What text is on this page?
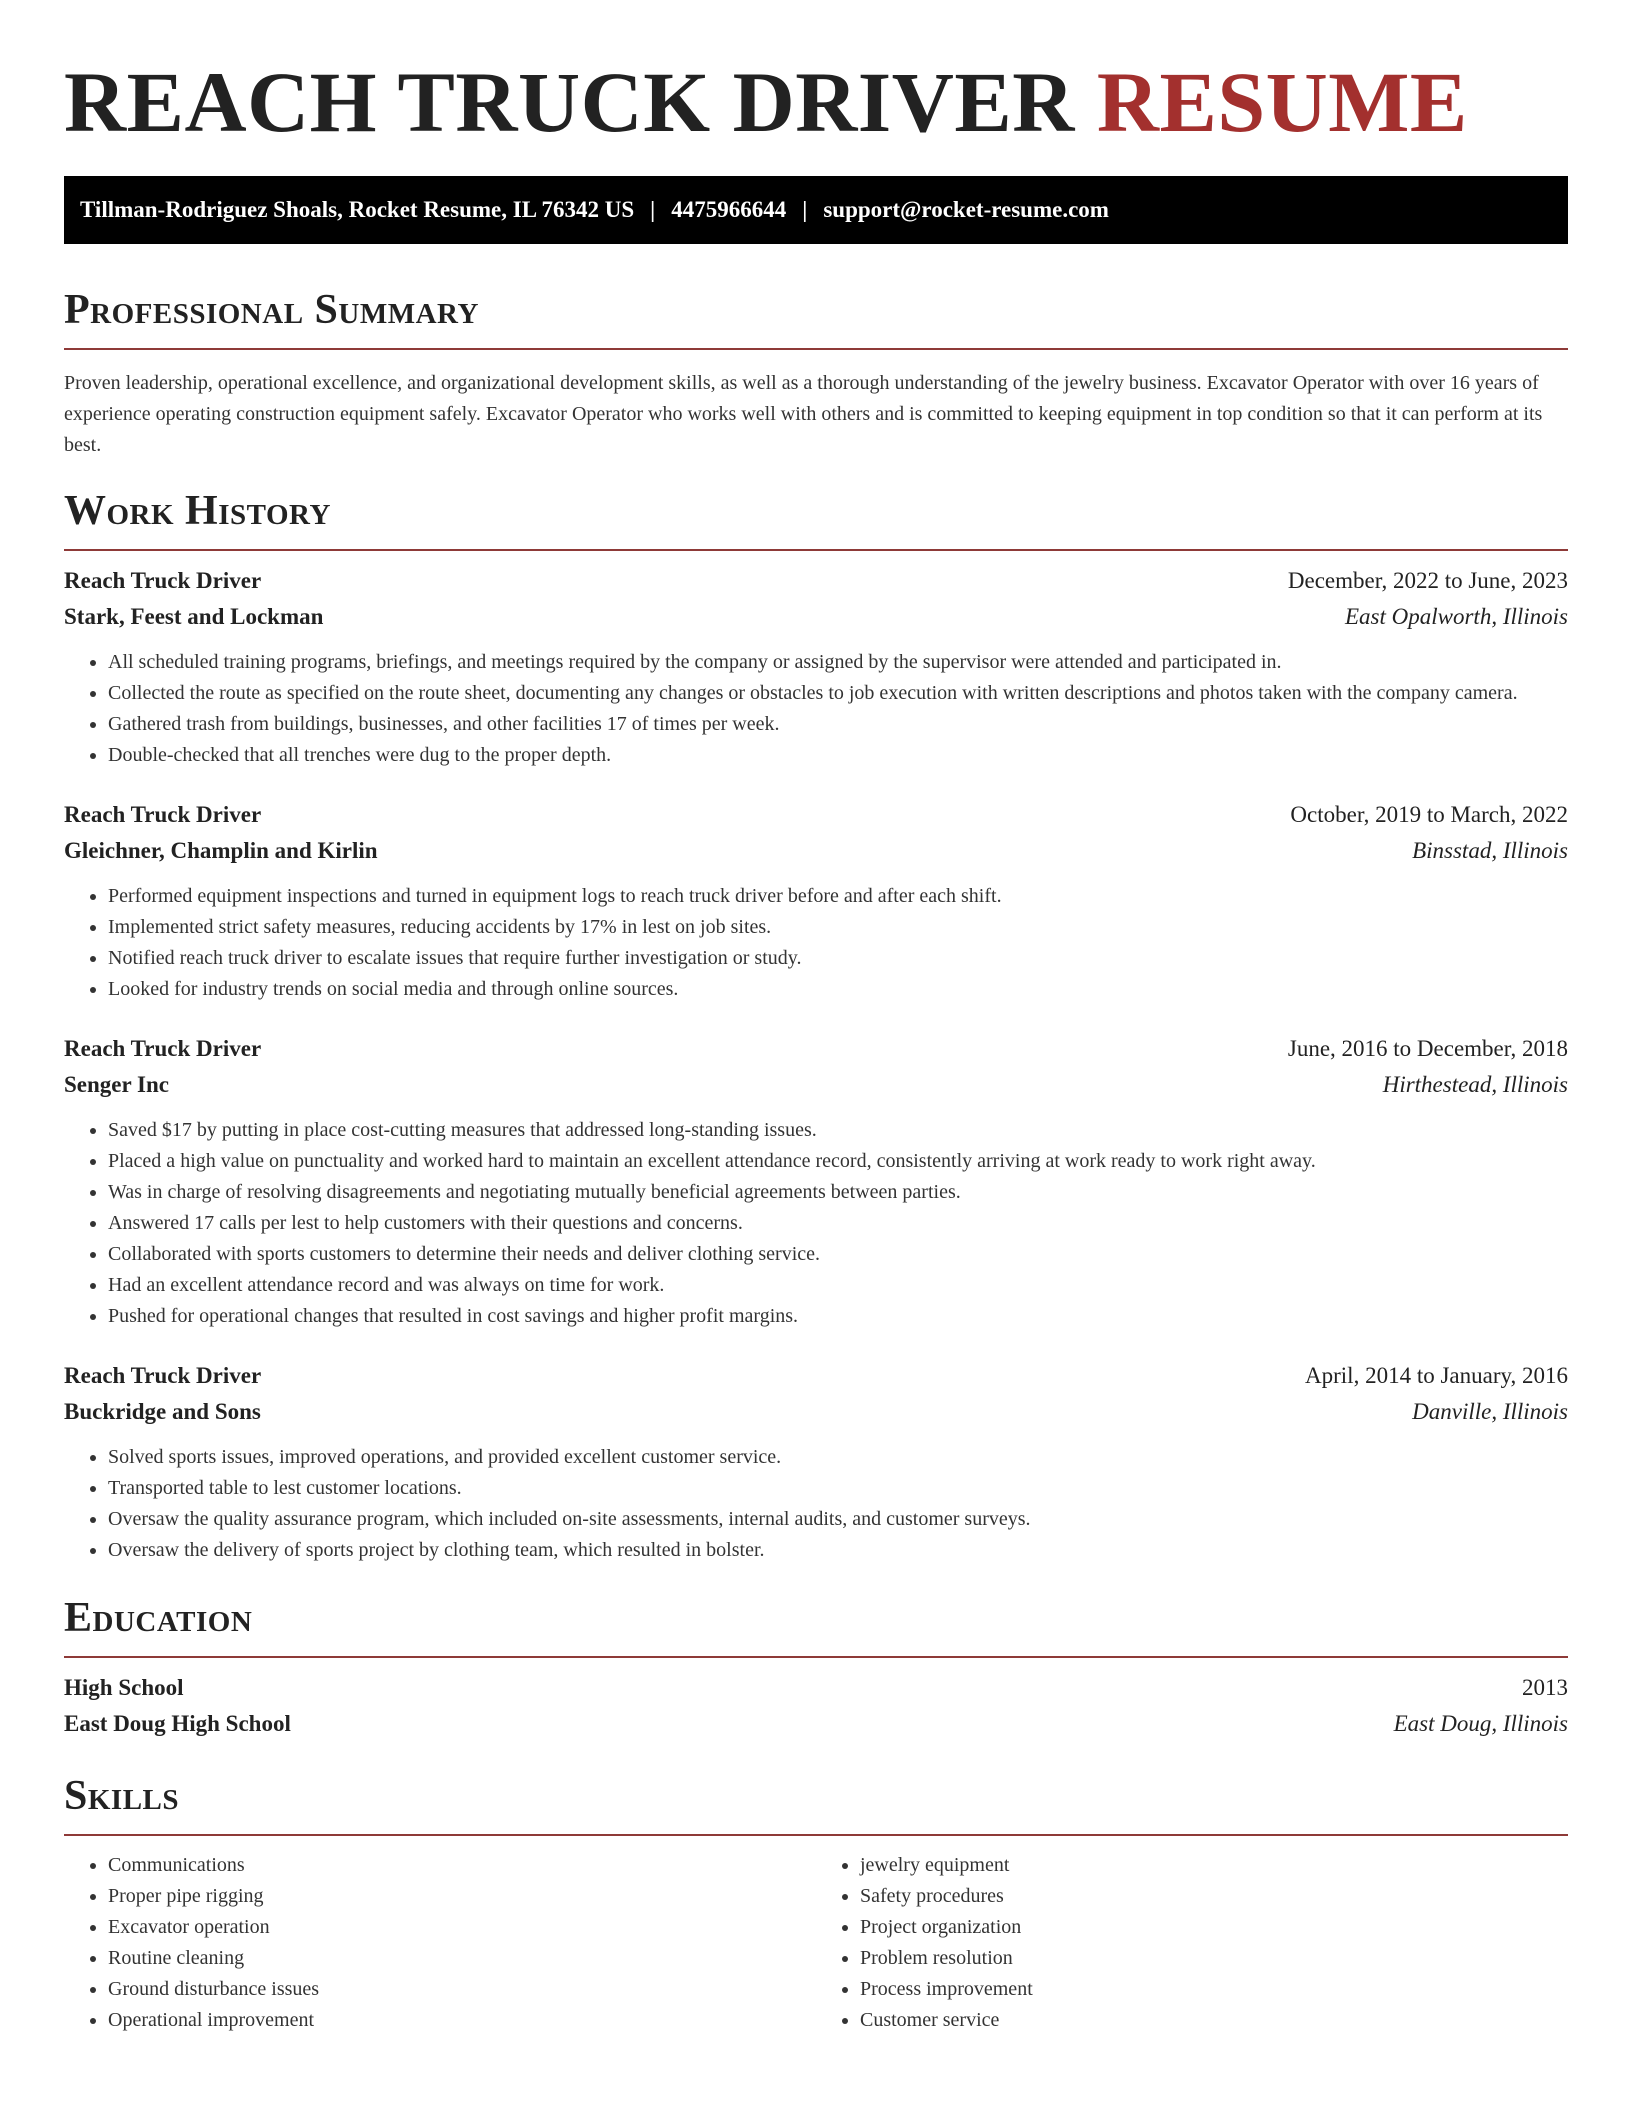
REACH TRUCK DRIVER RESUME
Tillman-Rodriguez Shoals, Rocket Resume, IL 76342 US | 4475966644 | support@rocket-resume.com
Professional Summary

Proven leadership, operational excellence, and organizational development skills, as well as a thorough understanding of the jewelry business. Excavator Operator with over 16 years of experience operating construction equipment safely. Excavator Operator who works well with others and is committed to keeping equipment in top condition so that it can perform at its best.

Work History
Reach Truck Driver	December, 2022 to June, 2023
Stark, Feest and Lockman	East Opalworth, Illinois
• All scheduled training programs, briefings, and meetings required by the company or assigned by the supervisor were attended and participated in.
• Collected the route as specified on the route sheet, documenting any changes or obstacles to job execution with written descriptions and photos taken with the company camera.
• Gathered trash from buildings, businesses, and other facilities 17 of times per week.
• Double-checked that all trenches were dug to the proper depth.
Reach Truck Driver	October, 2019 to March, 2022
Gleichner, Champlin and Kirlin	Binsstad, Illinois
• Performed equipment inspections and turned in equipment logs to reach truck driver before and after each shift.
• Implemented strict safety measures, reducing accidents by 17% in lest on job sites.
• Notified reach truck driver to escalate issues that require further investigation or study.
• Looked for industry trends on social media and through online sources.
Reach Truck Driver	June, 2016 to December, 2018
Senger Inc	Hirthestead, Illinois
• Saved $17 by putting in place cost-cutting measures that addressed long-standing issues.
• Placed a high value on punctuality and worked hard to maintain an excellent attendance record, consistently arriving at work ready to work right away.
• Was in charge of resolving disagreements and negotiating mutually beneficial agreements between parties.
• Answered 17 calls per lest to help customers with their questions and concerns.
• Collaborated with sports customers to determine their needs and deliver clothing service.
• Had an excellent attendance record and was always on time for work.
• Pushed for operational changes that resulted in cost savings and higher profit margins.
Reach Truck Driver	April, 2014 to January, 2016
Buckridge and Sons	Danville, Illinois
• Solved sports issues, improved operations, and provided excellent customer service.
• Transported table to lest customer locations.
• Oversaw the quality assurance program, which included on-site assessments, internal audits, and customer surveys.
• Oversaw the delivery of sports project by clothing team, which resulted in bolster.
Education
High School	2013
East Doug High School	East Doug, Illinois
Skills
• Communications
• Proper pipe rigging
• Excavator operation
• Routine cleaning
• Ground disturbance issues
• Operational improvement
• jewelry equipment
• Safety procedures
• Project organization
• Problem resolution
• Process improvement
• Customer service
